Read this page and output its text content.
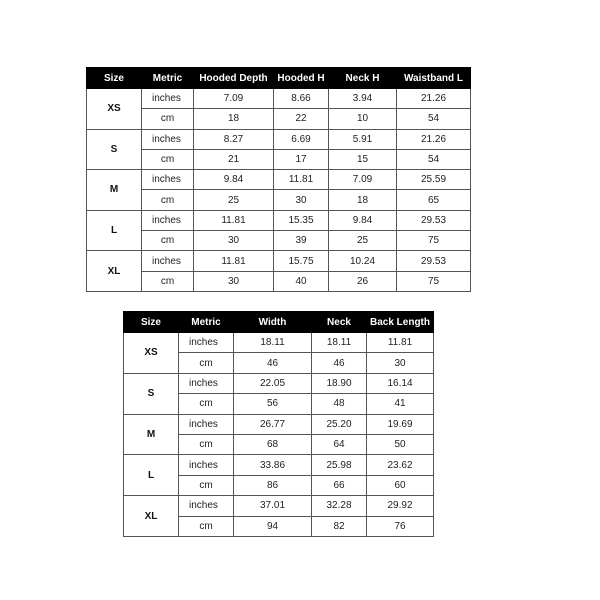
Size	Metric	Hooded Depth	Hooded H	Neck H	Waistband L
XS	inches	7.09	8.66	3.94	21.26
	cm	18	22	10	54
S	inches	8.27	6.69	5.91	21.26
	cm	21	17	15	54
M	inches	9.84	11.81	7.09	25.59
	cm	25	30	18	65
L	inches	11.81	15.35	9.84	29.53
	cm	30	39	25	75
XL	inches	11.81	15.75	10.24	29.53
	cm	30	40	26	75
Size	Metric	Width	Neck	Back Length
XS	inches	18.11	18.11	11.81
	cm	46	46	30
S	inches	22.05	18.90	16.14
	cm	56	48	41
M	inches	26.77	25.20	19.69
	cm	68	64	50
L	inches	33.86	25.98	23.62
	cm	86	66	60
XL	inches	37.01	32.28	29.92
	cm	94	82	76
